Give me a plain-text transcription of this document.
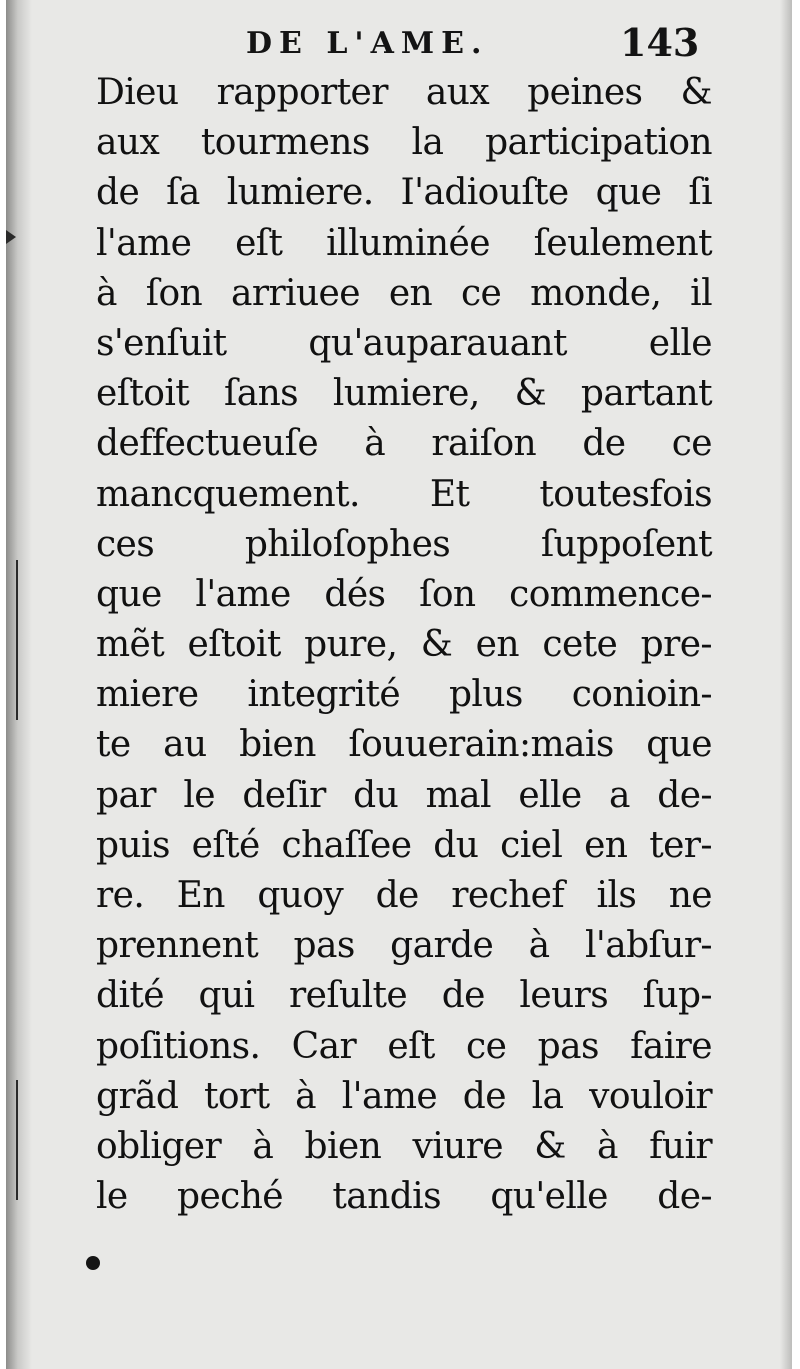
DE L'AME.	143
Dieu rapporter aux peines &
aux tourmens la participation
de ſa lumiere. I'adiouſte que ſi
l'ame eſt illuminée ſeulement
à ſon arriuee en ce monde, il
s'enſuit qu'auparauant elle
eſtoit ſans lumiere, & partant
deffectueuſe à raiſon de ce
mancquement. Et toutesfois
ces philoſophes ſuppoſent
que l'ame dés ſon commence-
mẽt eſtoit pure, & en cete pre-
miere integrité plus conioin-
te au bien ſouuerain:mais que
par le deſir du mal elle a de-
puis eſté chaſſee du ciel en ter-
re. En quoy de rechef ils ne
prennent pas garde à l'abſur-
dité qui reſulte de leurs ſup-
poſitions. Car eſt ce pas faire
grãd tort à l'ame de la vouloir
obliger à bien viure & à fuir
le peché tandis qu'elle de-
